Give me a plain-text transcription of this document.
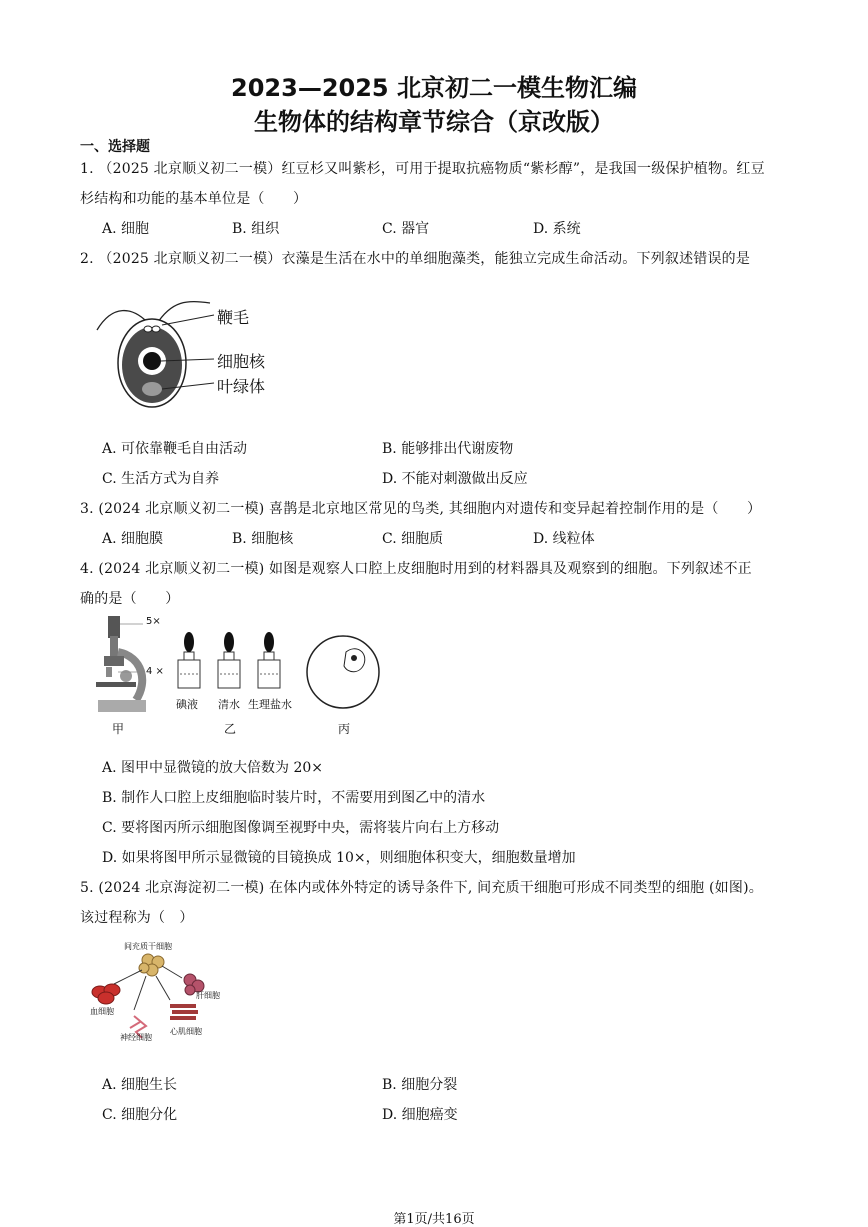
2023—2025 北京初二一模生物汇编
生物体的结构章节综合（京改版）
一、选择题
1. （2025 北京顺义初二一模）红豆杉又叫紫杉，可用于提取抗癌物质“紫杉醇”，是我国一级保护植物。红豆
杉结构和功能的基本单位是（　　）
A. 细胞	B. 组织	C. 器官	D. 系统
2. （2025 北京顺义初二一模）衣藻是生活在水中的单细胞藻类，能独立完成生命活动。下列叙述错误的是
鞭毛
细胞核
叶绿体
A. 可依靠鞭毛自由活动	B. 能够排出代谢废物
C. 生活方式为自养	D. 不能对刺激做出反应
3. (2024 北京顺义初二一模) 喜鹊是北京地区常见的鸟类, 其细胞内对遗传和变异起着控制作用的是（　　）
A. 细胞膜	B. 细胞核	C. 细胞质	D. 线粒体
4. (2024 北京顺义初二一模) 如图是观察人口腔上皮细胞时用到的材料器具及观察到的细胞。下列叙述不正
确的是（　　）
5×
4 ×
碘液 清水 生理盐水
甲	乙	丙
A. 图甲中显微镜的放大倍数为 20×
B. 制作人口腔上皮细胞临时装片时，不需要用到图乙中的清水
C. 要将图丙所示细胞图像调至视野中央，需将装片向右上方移动
D. 如果将图甲所示显微镜的目镜换成 10×，则细胞体积变大，细胞数量增加
5. (2024 北京海淀初二一模) 在体内或体外特定的诱导条件下, 间充质干细胞可形成不同类型的细胞 (如图)。
该过程称为（　）
间充质干细胞
肝细胞
血细胞
神经细胞
心肌细胞
A. 细胞生长	B. 细胞分裂
C. 细胞分化	D. 细胞癌变
第1页/共16页
